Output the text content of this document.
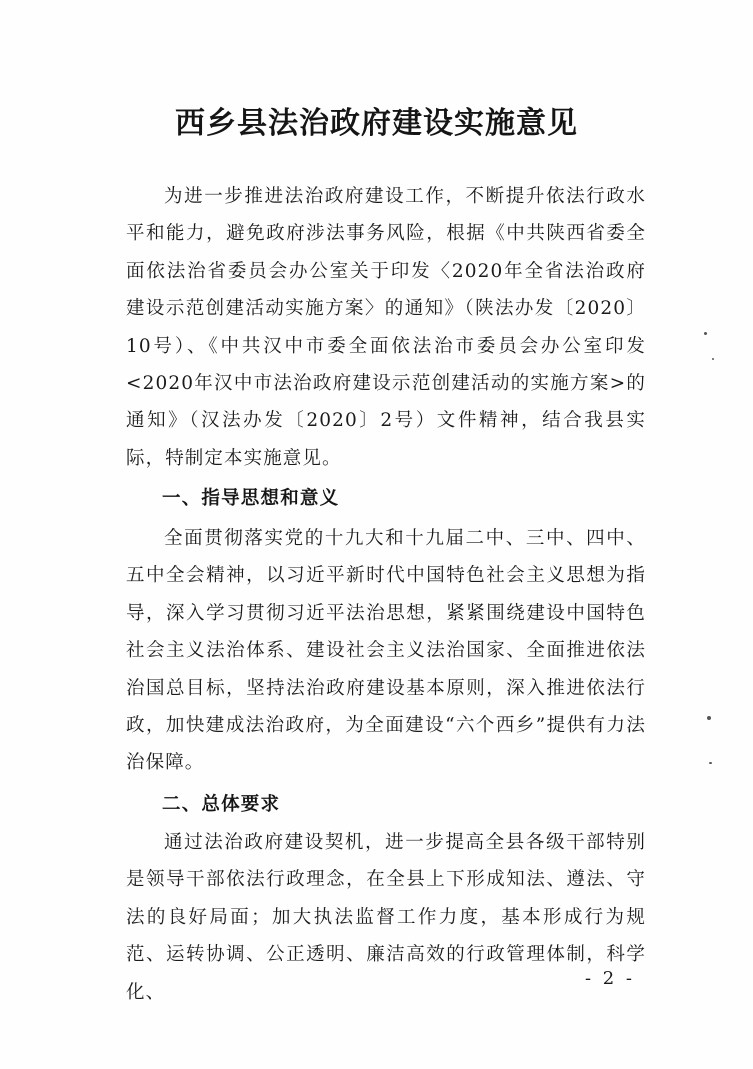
西乡县法治政府建设实施意见

为进一步推进法治政府建设工作，不断提升依法行政水平和能力，避免政府涉法事务风险，根据《中共陕西省委全面依法治省委员会办公室关于印发〈2020年全省法治政府建设示范创建活动实施方案〉的通知》（陕法办发〔2020〕10号）、《中共汉中市委全面依法治市委员会办公室印发<2020年汉中市法治政府建设示范创建活动的实施方案>的通知》（汉法办发〔2020〕2号）文件精神，结合我县实际，特制定本实施意见。

一、指导思想和意义

全面贯彻落实党的十九大和十九届二中、三中、四中、五中全会精神，以习近平新时代中国特色社会主义思想为指导，深入学习贯彻习近平法治思想，紧紧围绕建设中国特色社会主义法治体系、建设社会主义法治国家、全面推进依法治国总目标，坚持法治政府建设基本原则，深入推进依法行政，加快建成法治政府，为全面建设“六个西乡”提供有力法治保障。

二、总体要求

通过法治政府建设契机，进一步提高全县各级干部特别是领导干部依法行政理念，在全县上下形成知法、遵法、守法的良好局面；加大执法监督工作力度，基本形成行为规范、运转协调、公正透明、廉洁高效的行政管理体制，科学化、

- 2 -
